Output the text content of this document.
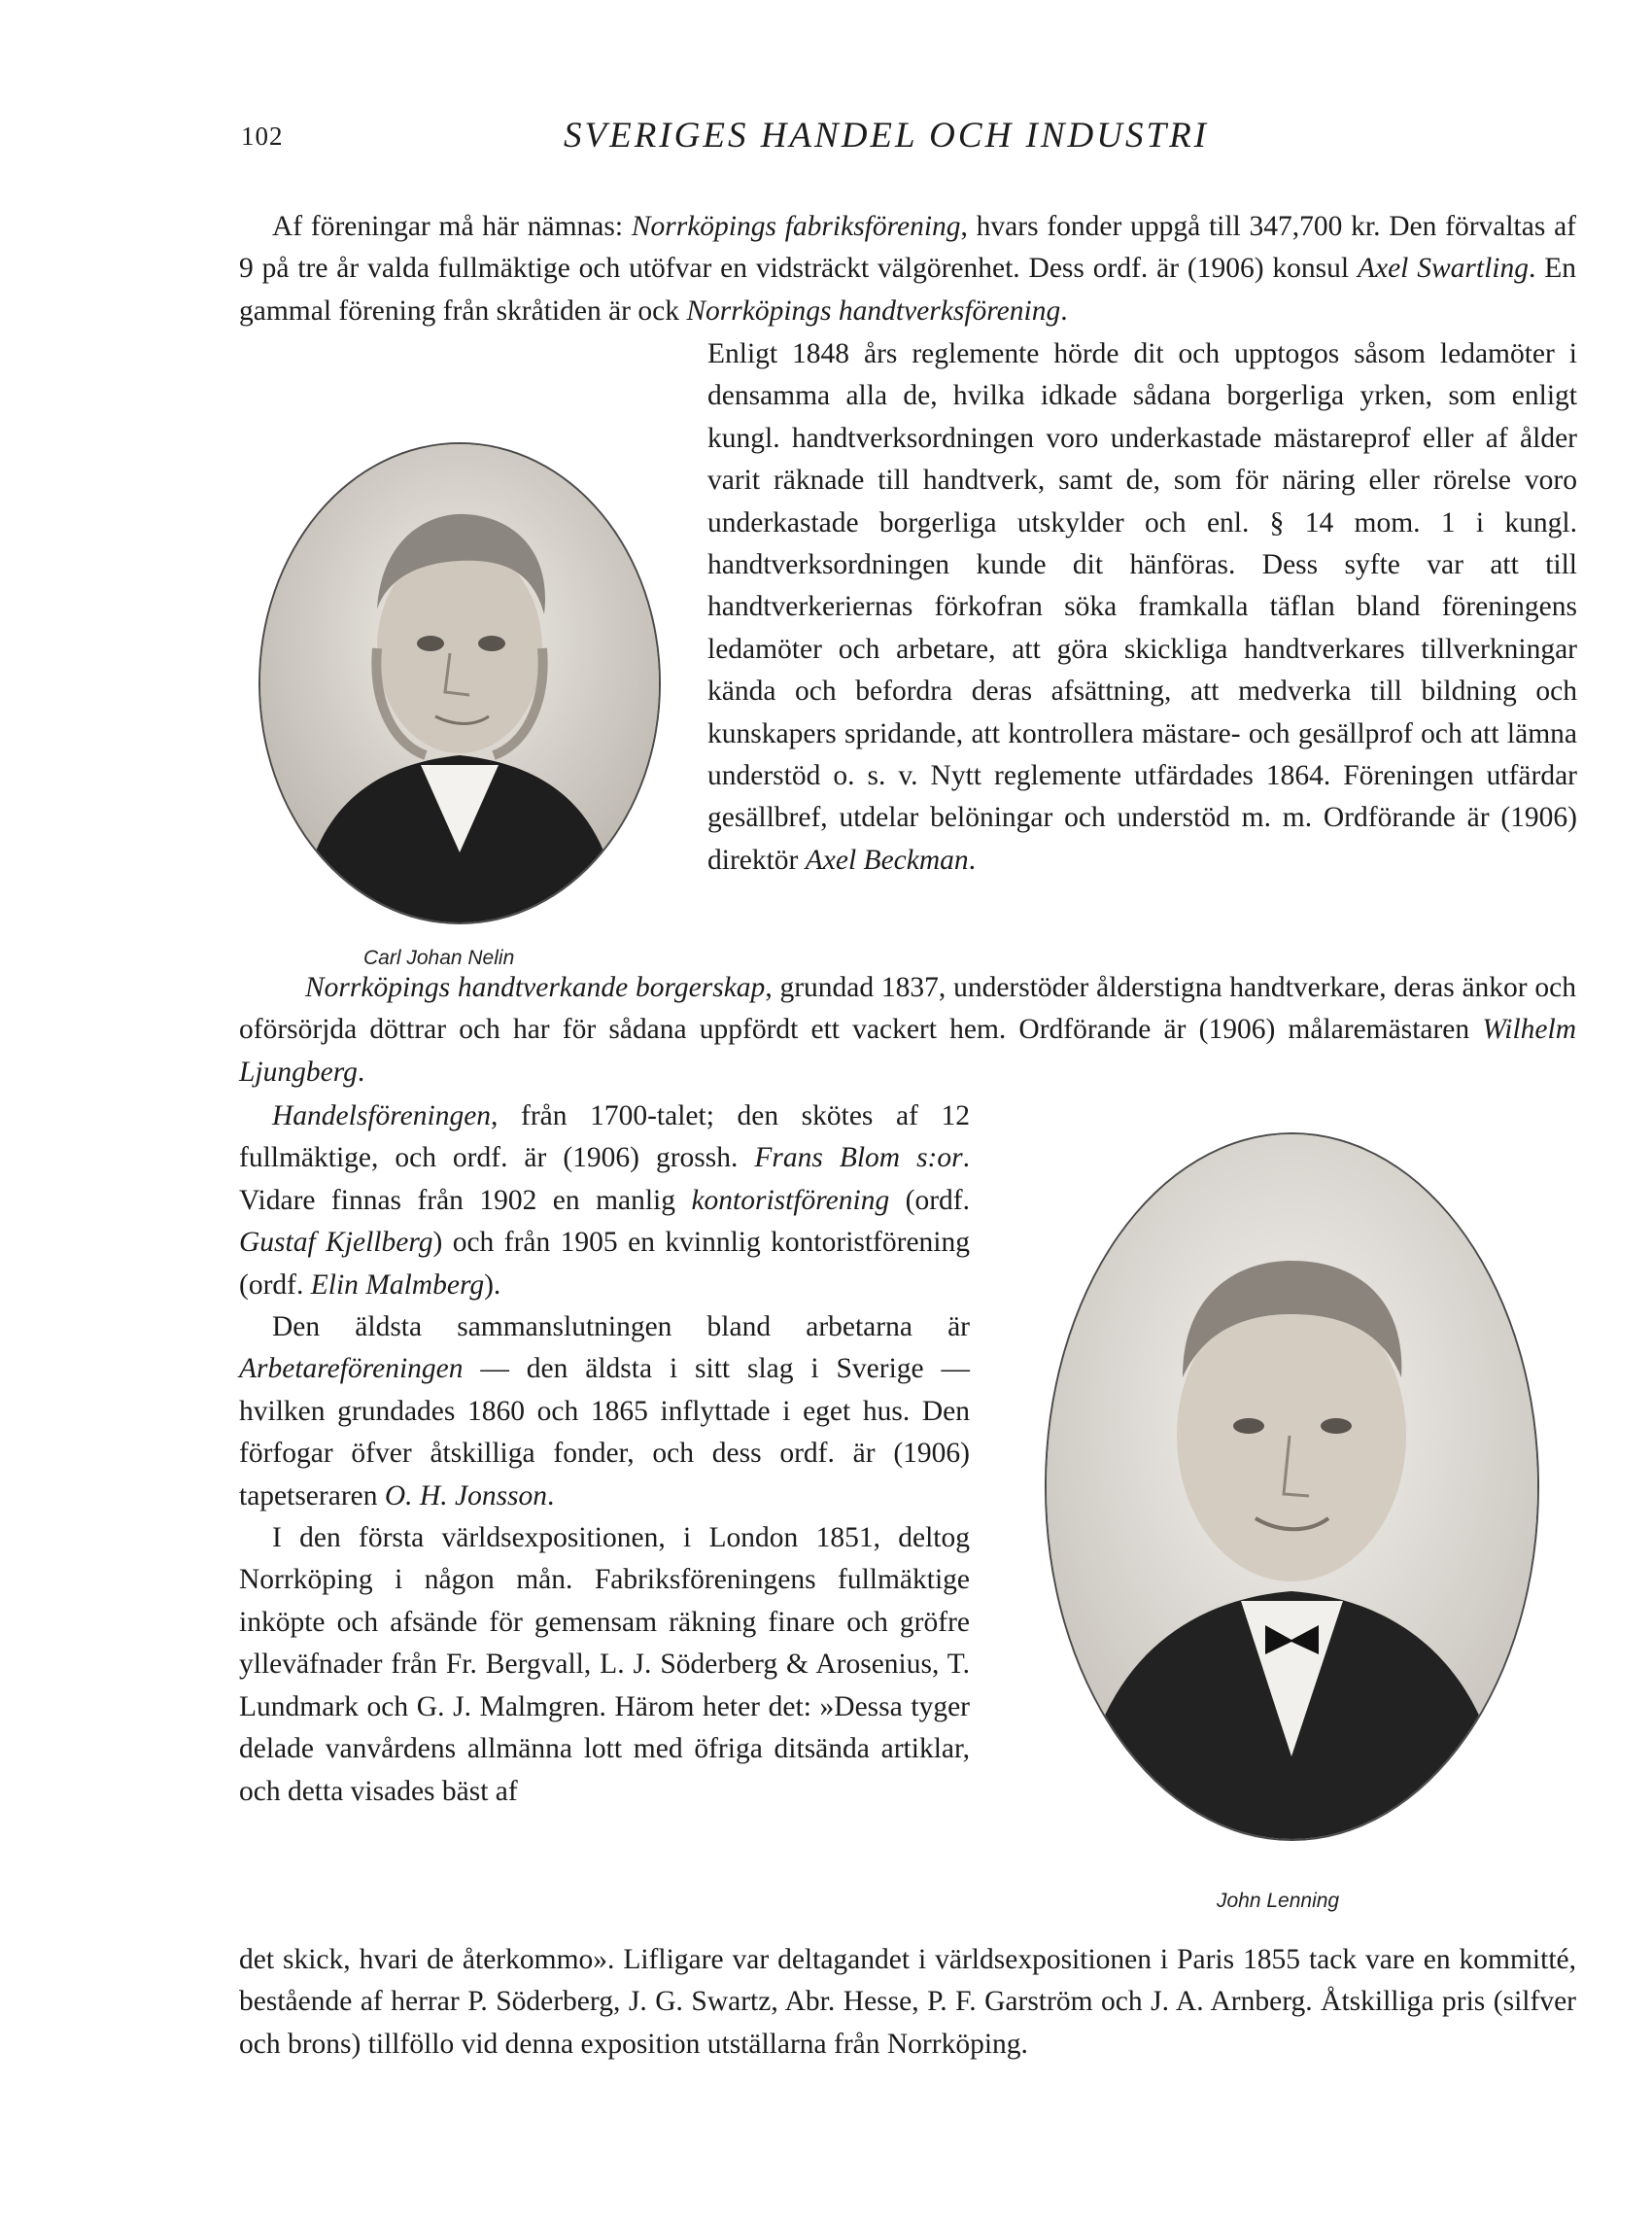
102	SVERIGES HANDEL OCH INDUSTRI

Af föreningar må här nämnas: Norrköpings fabriksförening, hvars fonder uppgå till 347,700 kr. Den förvaltas af 9 på tre år valda fullmäktige och utöfvar en vidsträckt välgörenhet. Dess ordf. är (1906) konsul Axel Swartling. En gammal förening från skråtiden är ock Norrköpings handtverksförening.

Enligt 1848 års reglemente hörde dit och upptogos såsom ledamöter i densamma alla de, hvilka idkade sådana borgerliga yrken, som enligt kungl. handtverksordningen voro underkastade mästareprof eller af ålder varit räknade till handtverk, samt de, som för näring eller rörelse voro underkastade borgerliga utskylder och enl. § 14 mom. 1 i kungl. handtverksordningen kunde dit hänföras. Dess syfte var att till handtverkeriernas förkofran söka framkalla täflan bland föreningens ledamöter och arbetare, att göra skickliga handtverkares tillverkningar kända och befordra deras afsättning, att medverka till bildning och kunskapers spridande, att kontrollera mästare- och gesällprof och att lämna understöd o. s. v. Nytt reglemente utfärdades 1864. Föreningen utfärdar gesällbref, utdelar belöningar och understöd m. m. Ordförande är (1906) direktör Axel Beckman.

Carl Johan Nelin

Norrköpings handtverkande borgerskap, grundad 1837, understöder ålderstigna handtverkare, deras änkor och oförsörjda döttrar och har för sådana uppfördt ett vackert hem. Ordförande är (1906) målaremästaren Wilhelm Ljungberg.

Handelsföreningen, från 1700-talet; den skötes af 12 fullmäktige, och ordf. är (1906) grossh. Frans Blom s:or. Vidare finnas från 1902 en manlig kontoristförening (ordf. Gustaf Kjellberg) och från 1905 en kvinnlig kontoristförening (ordf. Elin Malmberg).

Den äldsta sammanslutningen bland arbetarna är Arbetareföreningen — den äldsta i sitt slag i Sverige — hvilken grundades 1860 och 1865 inflyttade i eget hus. Den förfogar öfver åtskilliga fonder, och dess ordf. är (1906) tapetseraren O. H. Jonsson.

I den första världsexpositionen, i London 1851, deltog Norrköping i någon mån. Fabriksföreningens fullmäktige inköpte och afsände för gemensam räkning finare och gröfre ylleväfnader från Fr. Bergvall, L. J. Söderberg & Arosenius, T. Lundmark och G. J. Malmgren. Härom heter det: »Dessa tyger delade vanvårdens allmänna lott med öfriga ditsända artiklar, och detta visades bäst af

John Lenning

det skick, hvari de återkommo». Lifligare var deltagandet i världsexpositionen i Paris 1855 tack vare en kommitté, bestående af herrar P. Söderberg, J. G. Swartz, Abr. Hesse, P. F. Garström och J. A. Arnberg. Åtskilliga pris (silfver och brons) tillföllo vid denna exposition utställarna från Norrköping.
